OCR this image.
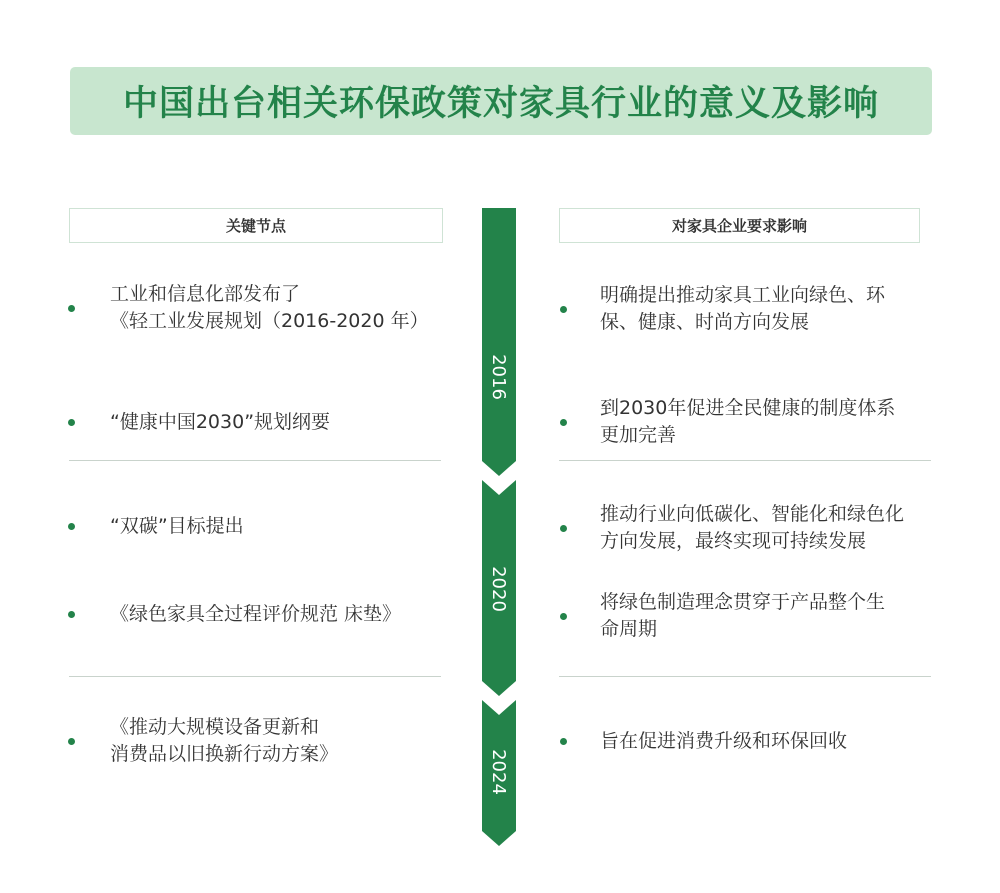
中国出台相关环保政策对家具行业的意义及影响
关键节点	对家具企业要求影响
2016
2020
2024
工业和信息化部发布了
《轻工业发展规划（2016-2020 年）
“健康中国2030”规划纲要
“双碳”目标提出
《绿色家具全过程评价规范 床垫》
《推动大规模设备更新和
消费品以旧换新行动方案》
明确提出推动家具工业向绿色、环
保、健康、时尚方向发展
到2030年促进全民健康的制度体系
更加完善
推动行业向低碳化、智能化和绿色化
方向发展，最终实现可持续发展
将绿色制造理念贯穿于产品整个生
命周期
旨在促进消费升级和环保回收
